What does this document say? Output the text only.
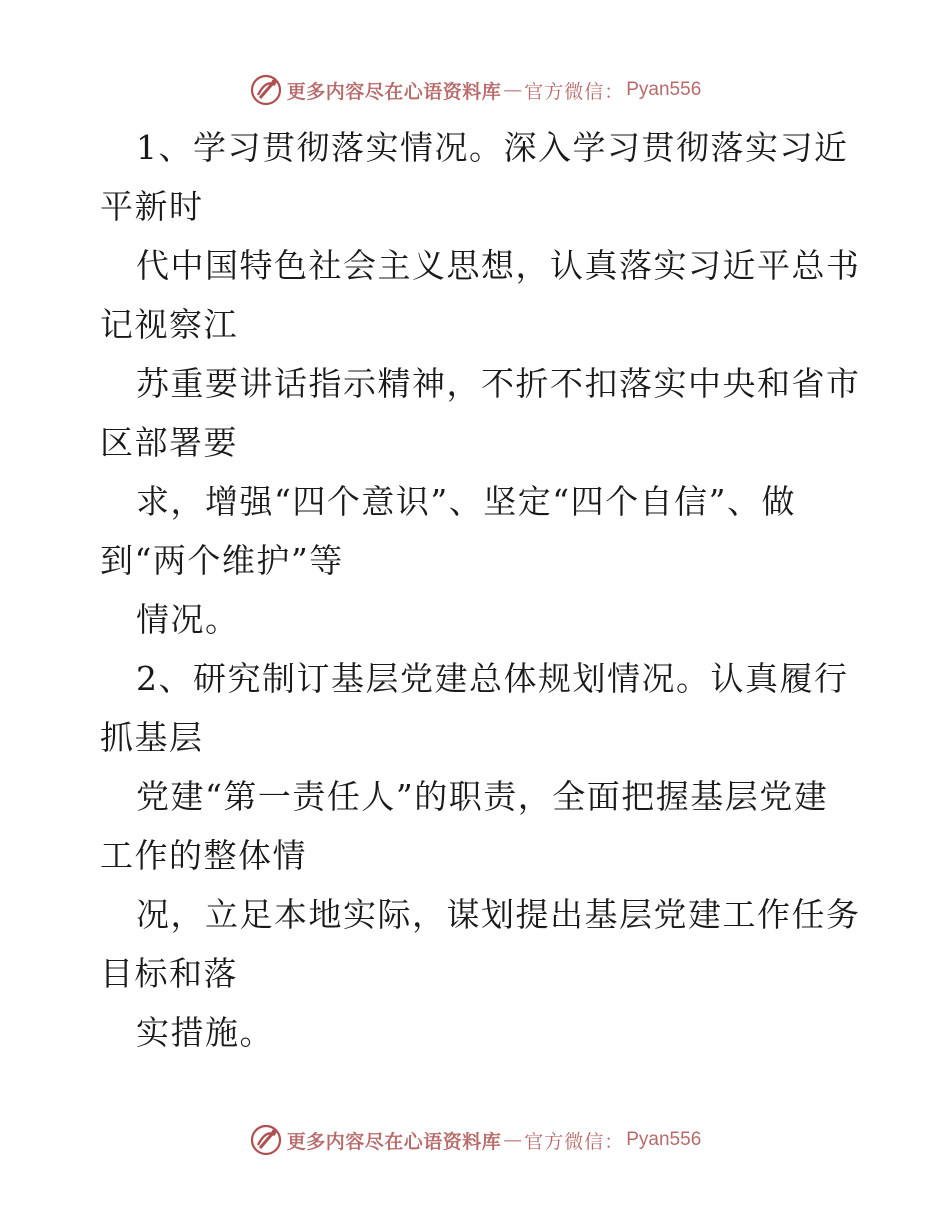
更多内容尽在心语资料库 — 官方微信： Pyan556
1、学习贯彻落实情况。深入学习贯彻落实习近
平新时
代中国特色社会主义思想，认真落实习近平总书
记视察江
苏重要讲话指示精神，不折不扣落实中央和省市
区部署要
求，增强“四个意识”、坚定“四个自信”、做
到“两个维护”等
情况。
2、研究制订基层党建总体规划情况。认真履行
抓基层
党建“第一责任人”的职责，全面把握基层党建
工作的整体情
况，立足本地实际，谋划提出基层党建工作任务
目标和落
实措施。
更多内容尽在心语资料库 — 官方微信： Pyan556
